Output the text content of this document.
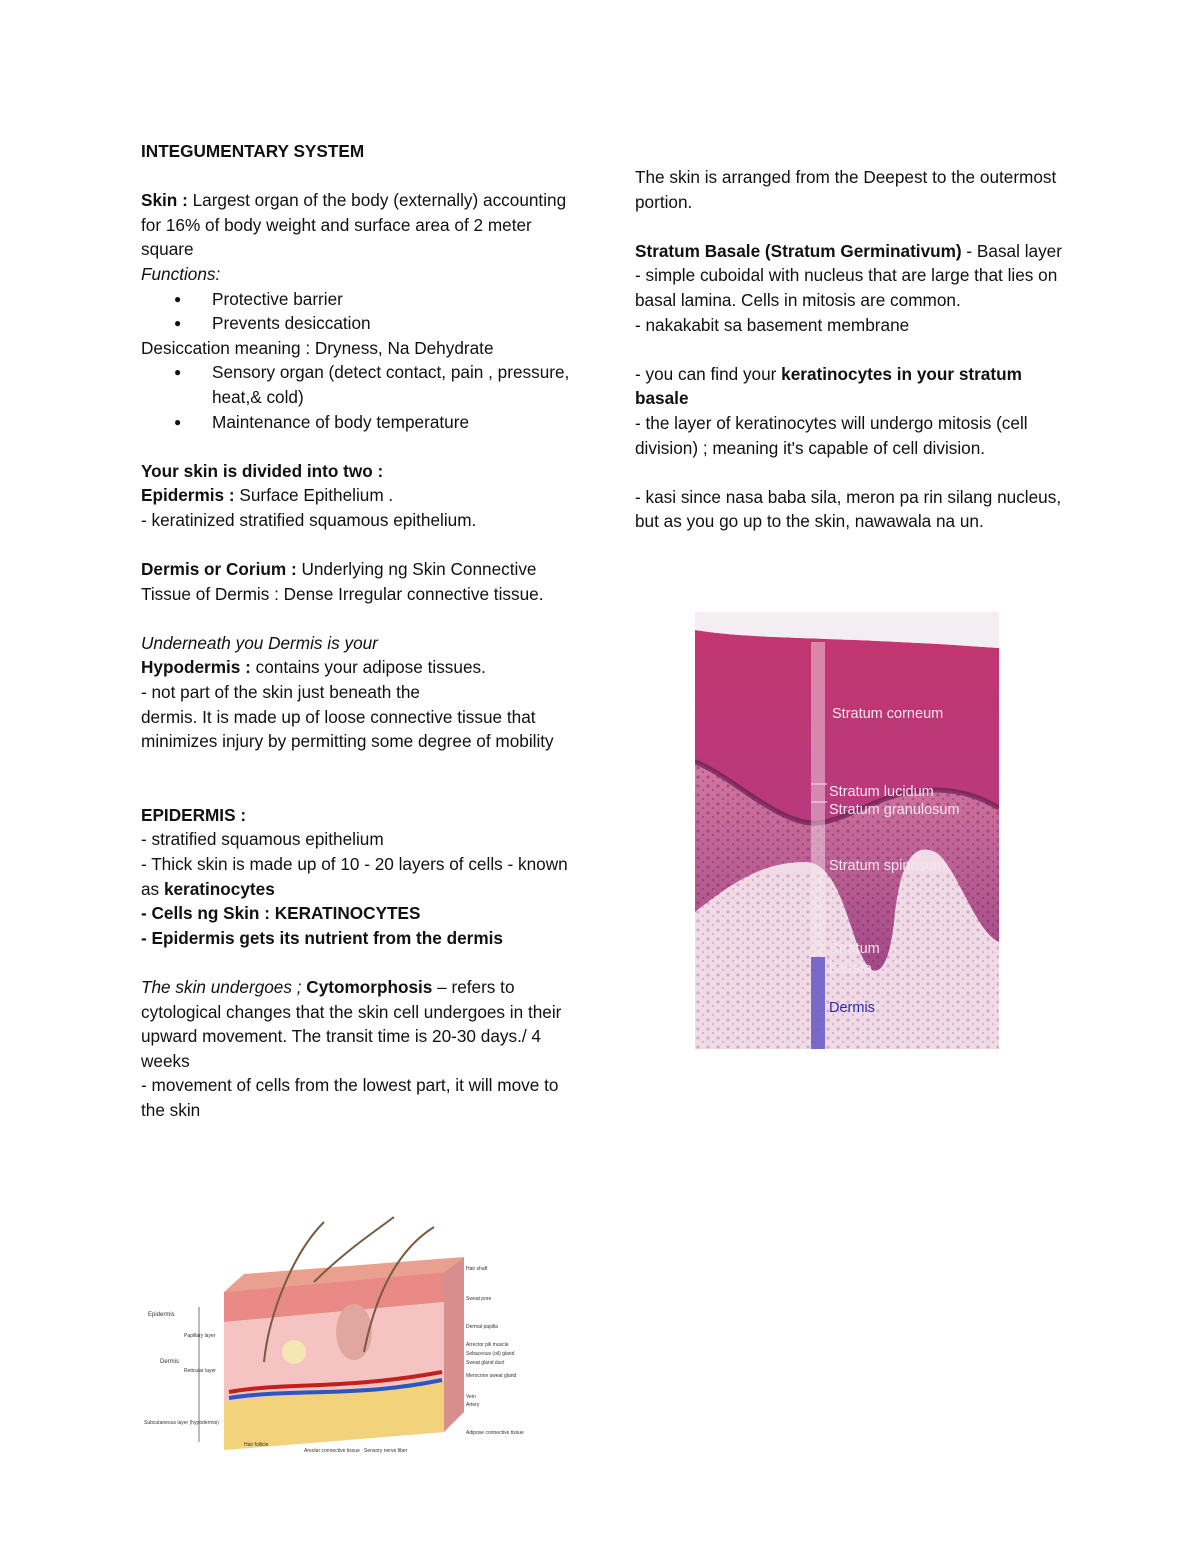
INTEGUMENTARY SYSTEM

Skin : Largest organ of the body (externally) accounting for 16% of body weight and surface area of 2 meter square

Functions:

● Protective barrier
● Prevents desiccation

Desiccation meaning : Dryness, Na Dehydrate

● Sensory organ (detect contact, pain , pressure, heat,& cold)
● Maintenance of body temperature

Your skin is divided into two :

Epidermis : Surface Epithelium .

- keratinized stratified squamous epithelium.

Dermis or Corium : Underlying ng Skin Connective Tissue of Dermis : Dense Irregular connective tissue.

Underneath you Dermis is your

Hypodermis : contains your adipose tissues.

- not part of the skin just beneath the

dermis. It is made up of loose connective tissue that minimizes injury by permitting some degree of mobility

EPIDERMIS :

- stratified squamous epithelium

- Thick skin is made up of 10 - 20 layers of cells - known as keratinocytes

- Cells ng Skin : KERATINOCYTES

- Epidermis gets its nutrient from the dermis

The skin undergoes ; Cytomorphosis – refers to cytological changes that the skin cell undergoes in their upward movement. The transit time is 20-30 days./ 4 weeks

- movement of cells from the lowest part, it will move to the skin

The skin is arranged from the Deepest to the outermost portion.

Stratum Basale (Stratum Germinativum) - Basal layer

- simple cuboidal with nucleus that are large that lies on basal lamina. Cells in mitosis are common.

- nakakabit sa basement membrane

- you can find your keratinocytes in your stratum basale

- the layer of keratinocytes will undergo mitosis (cell division) ; meaning it's capable of cell division.

- kasi since nasa baba sila, meron pa rin silang nucleus, but as you go up to the skin, nawawala na un.

Stratum corneum
Stratum lucidum
Stratum granulosum
Stratum spinosum
Stratum
basale
Dermis
Epidermis
Papillary layer
Dermis
Reticular layer
Subcutaneous layer (hypodermis)
Hair shaft
Sweat pore
Dermal papilla
Arrector pili muscle
Sebaceous (oil) gland
Sweat gland duct
Merocrine sweat gland
Vein
Artery
Adipose connective tissue
Hair follicle
Areolar connective tissue Sensory nerve fiber
